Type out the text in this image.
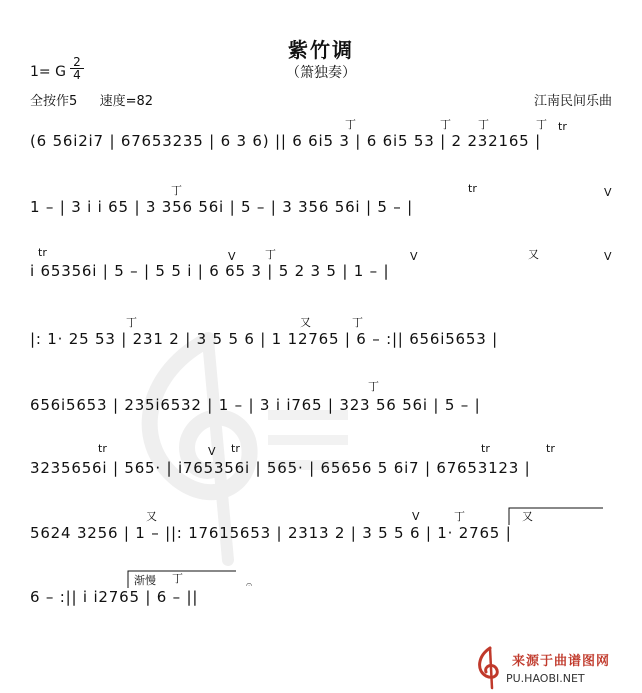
紫竹调
（箫独奏）
1= G $\frac{2}{4}$
全按作5 速度=82	江南民间乐曲
(6 56i2i7 | 67653235 | 6 3 6) || 6 6i5 3 | 6 6i5 53 | 2 232165 |
1 – | 3 i i 65 | 3 356 56i | 5 – | 3 356 56i | 5 – |
i 65356i | 5 – | 5 5 i | 6 65 3 | 5 2 3 5 | 1 – |
|: 1· 25 53 | 231 2 | 3 5 5 6 | 1 12765 | 6 – :|| 656i5653 |
656i5653 | 235i6532 | 1 – | 3 i i765 | 323 56 56i | 5 – |
3235656i | 565· | i765356i | 565· | 65656 5 6i7 | 67653123 |
5624 3256 | 1 – ||: 17615653 | 2313 2 | 3 5 5 6 | 1· 2765 |
6 – :|| i i2765 | 6 – ||
丁	丁 丁	丁 tr
丁	tr
tr	丁	又
丁	又	丁
丁
tr	tr	tr	tr
又	丁	又
渐慢 丁	𝄐
V
V
V
V
V
V
来源于曲谱图网
PU.HAOBI.NET
